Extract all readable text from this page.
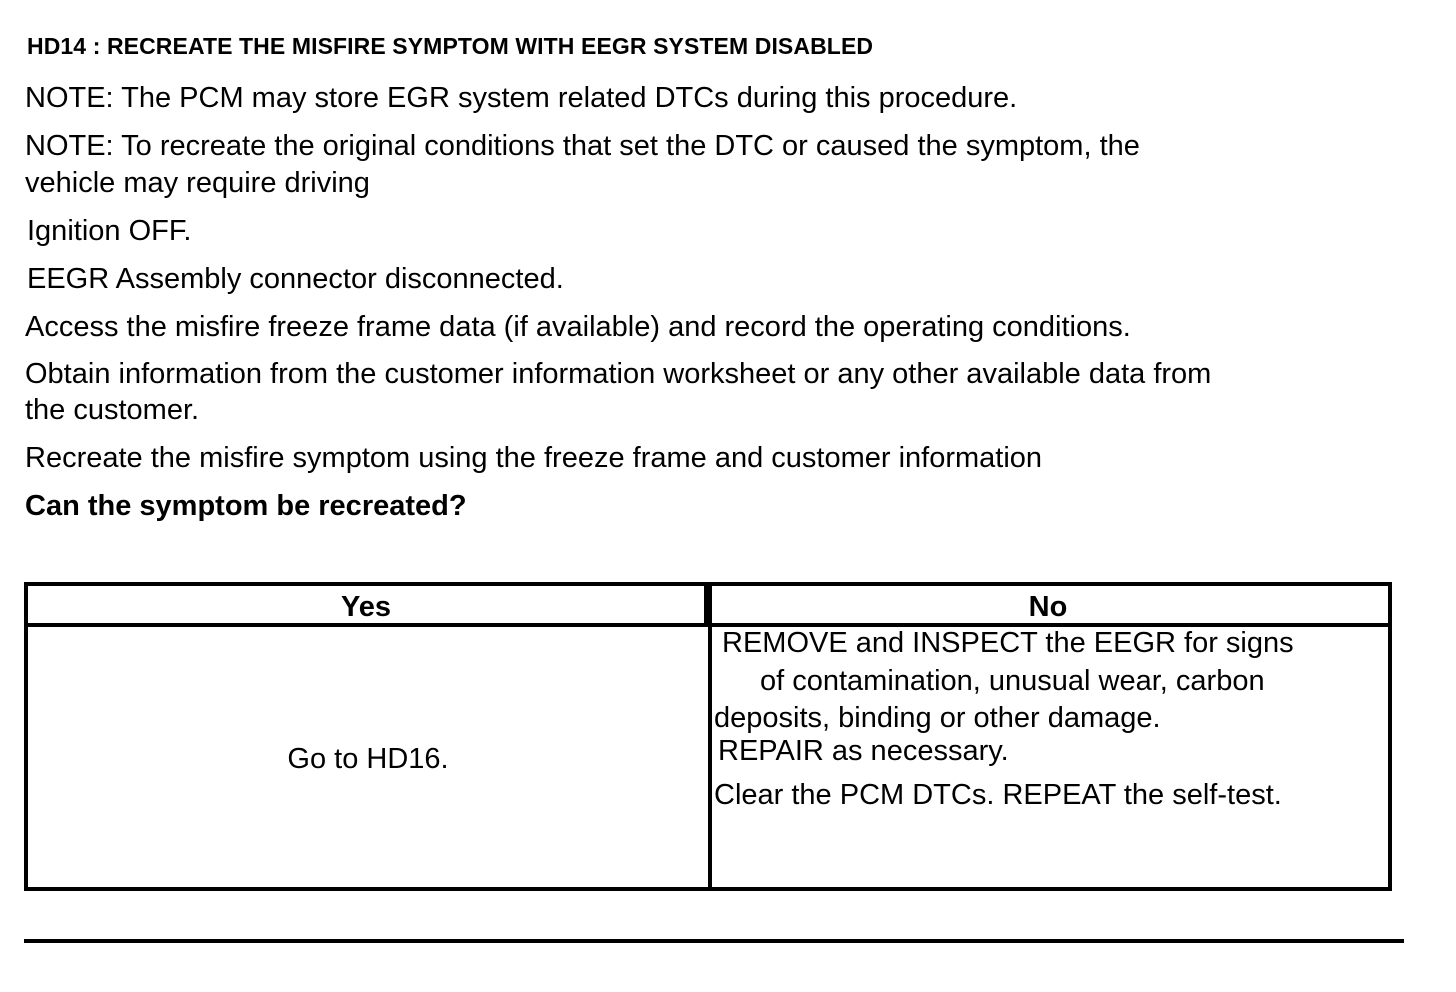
HD14 : RECREATE THE MISFIRE SYMPTOM WITH EEGR SYSTEM DISABLED
NOTE: The PCM may store EGR system related DTCs during this procedure.
NOTE: To recreate the original conditions that set the DTC or caused the symptom, the
vehicle may require driving
Ignition OFF.
EEGR Assembly connector disconnected.
Access the misfire freeze frame data (if available) and record the operating conditions.
Obtain information from the customer information worksheet or any other available data from
the customer.
Recreate the misfire symptom using the freeze frame and customer information
Can the symptom be recreated?
Yes	No
Go to HD16.
REMOVE and INSPECT the EEGR for signs
of contamination, unusual wear, carbon
deposits, binding or other damage.
REPAIR as necessary.
Clear the PCM DTCs. REPEAT the self-test.
